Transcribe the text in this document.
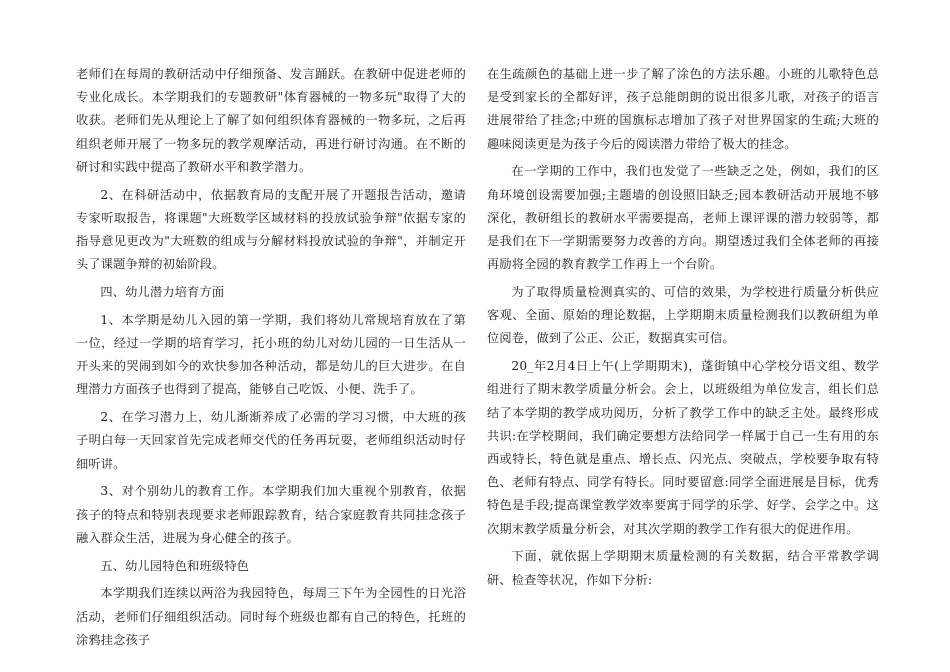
老师们在每周的教研活动中仔细预备、发言踊跃。在教研中促进老师的专业化成长。本学期我们的专题教研"体育器械的一物多玩"取得了大的收获。老师们先从理论上了解了如何组织体育器械的一物多玩，之后再组织老师开展了一物多玩的教学观摩活动，再进行研讨沟通。在不断的研讨和实践中提高了教研水平和教学潜力。

2、在科研活动中，依据教育局的支配开展了开题报告活动，邀请专家听取报告，将课题"大班数学区域材料的投放试验争辩"依据专家的指导意见更改为"大班数的组成与分解材料投放试验的争辩"，并制定开头了课题争辩的初始阶段。

四、幼儿潜力培育方面

1、本学期是幼儿入园的第一学期，我们将幼儿常规培育放在了第一位，经过一学期的培育学习，托小班的幼儿对幼儿园的一日生活从一开头来的哭闹到如今的欢快参加各种活动，都是幼儿的巨大进步。在自理潜力方面孩子也得到了提高，能够自己吃饭、小便、洗手了。

2、在学习潜力上，幼儿渐渐养成了必需的学习习惯，中大班的孩子明白每一天回家首先完成老师交代的任务再玩耍，老师组织活动时仔细听讲。

3、对个别幼儿的教育工作。本学期我们加大重视个别教育，依据孩子的特点和特别表现要求老师跟踪教育，结合家庭教育共同挂念孩子融入群众生活，进展为身心健全的孩子。

五、幼儿园特色和班级特色

本学期我们连续以两浴为我园特色，每周三下午为全园性的日光浴活动，老师们仔细组织活动。同时每个班级也都有自己的特色，托班的涂鸦挂念孩子

在生疏颜色的基础上进一步了解了涂色的方法乐趣。小班的儿歌特色总是受到家长的全都好评，孩子总能朗朗的说出很多儿歌，对孩子的语言进展带给了挂念;中班的国旗标志增加了孩子对世界国家的生疏;大班的趣味阅读更是为孩子今后的阅读潜力带给了极大的挂念。

在一学期的工作中，我们也发觉了一些缺乏之处，例如，我们的区角环境创设需要加强;主题墙的创设照旧缺乏;园本教研活动开展地不够深化，教研组长的教研水平需要提高，老师上课评课的潜力较弱等，都是我们在下一学期需要努力改善的方向。期望透过我们全体老师的再接再励将全园的教育教学工作再上一个台阶。

为了取得质量检测真实的、可信的效果，为学校进行质量分析供应客观、全面、原始的理论数据，上学期期末质量检测我们以教研组为单位阅卷，做到了公正、公正，数据真实可信。

20_年2月4日上午(上学期期末)，蓬街镇中心学校分语文组、数学组进行了期末教学质量分析会。会上，以班级组为单位发言，组长们总结了本学期的教学成功阅历，分析了教学工作中的缺乏主处。最终形成共识:在学校期间，我们确定要想方法给同学一样属于自己一生有用的东西或特长，特色就是重点、增长点、闪光点、突破点，学校要争取有特色、老师有特点、同学有特长。同时要留意:同学全面进展是目标，优秀特色是手段;提高课堂教学效率要寓于同学的乐学、好学、会学之中。这次期末教学质量分析会，对其次学期的教学工作有很大的促进作用。

下面，就依据上学期期末质量检测的有关数据，结合平常教学调研、检查等状况，作如下分析:
